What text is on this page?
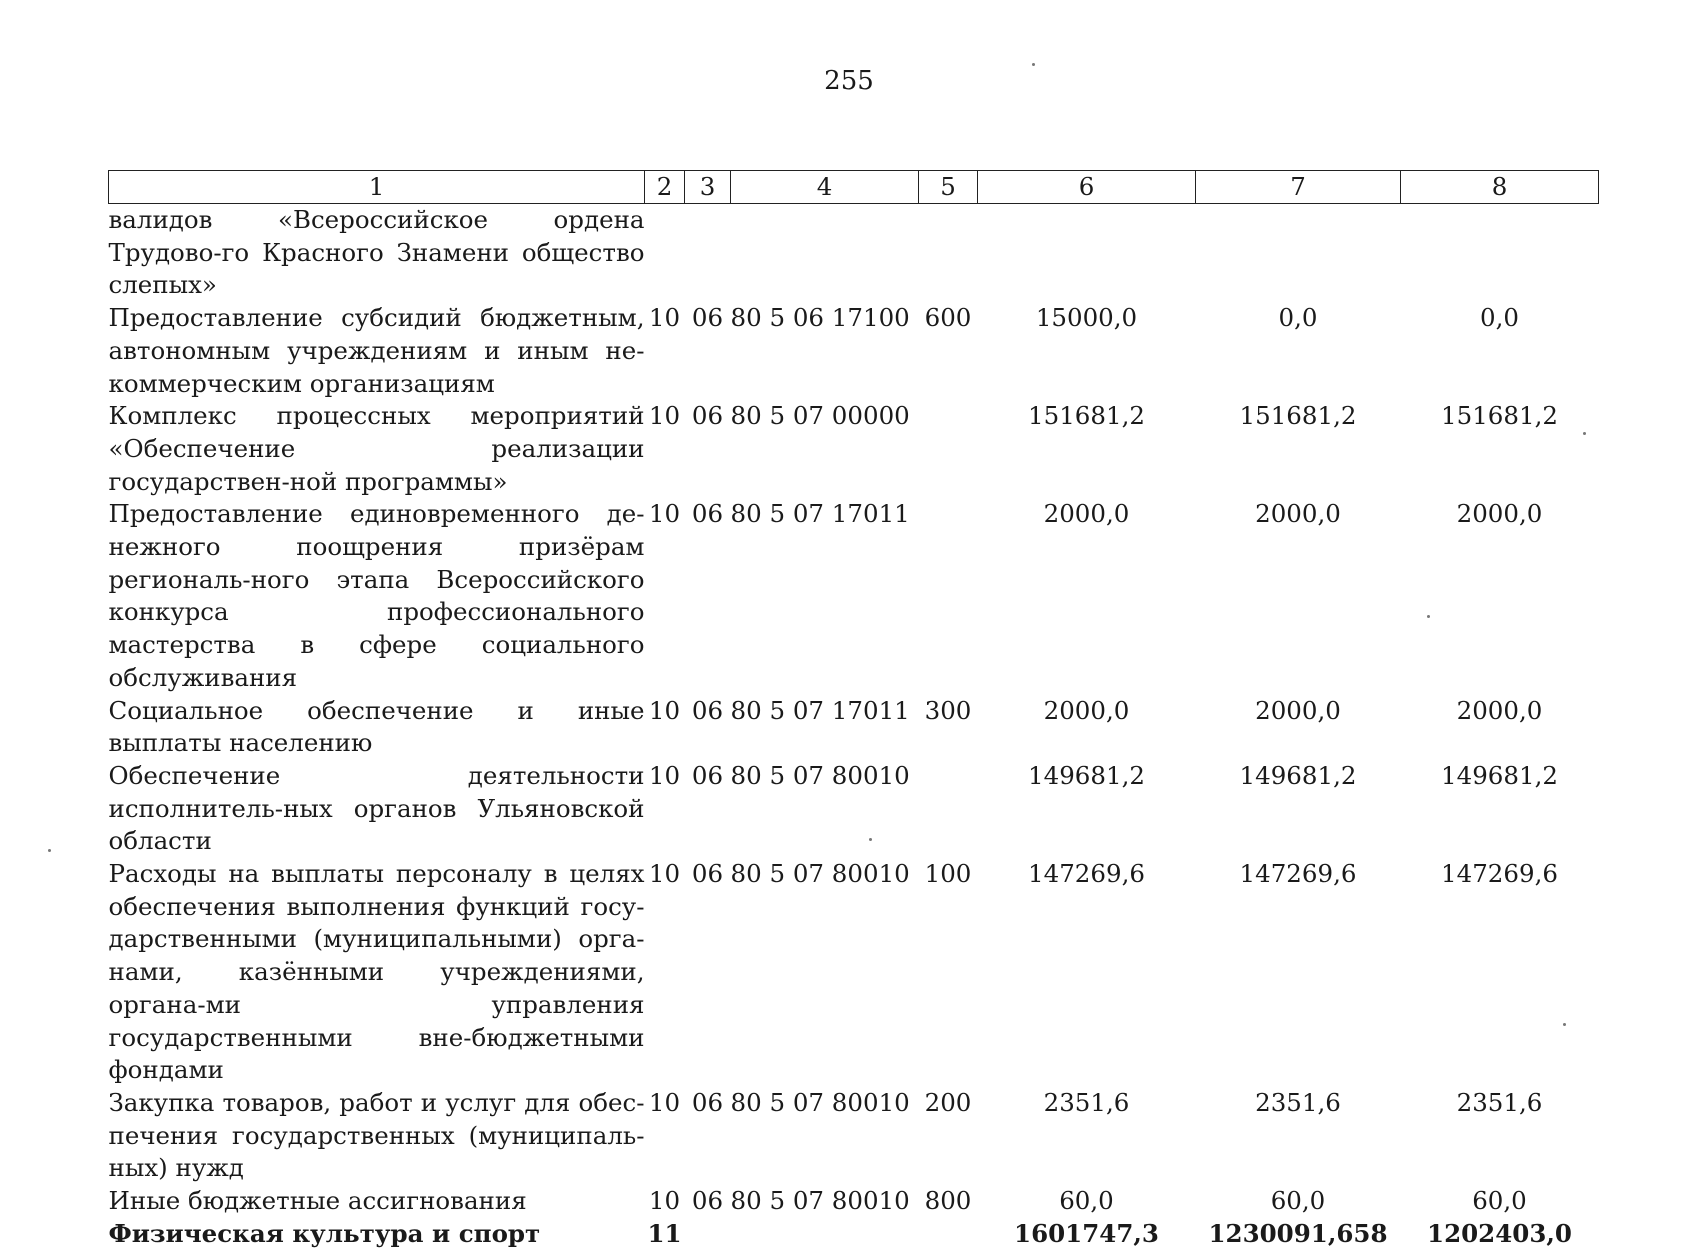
255
1	2	3	4	5	6	7	8
валидов «Всероссийское ордена Трудово-го Красного Знамени общество слепых»							
Предоставление субсидий бюджетным, автономным учреждениям и иным не-коммерческим организациям	10	06	80 5 06 17100	600	15000,0	0,0	0,0
Комплекс процессных мероприятий «Обеспечение реализации государствен-ной программы»	10	06	80 5 07 00000		151681,2	151681,2	151681,2
Предоставление единовременного де-нежного поощрения призёрам региональ-ного этапа Всероссийского конкурса профессионального мастерства в сфере социального обслуживания	10	06	80 5 07 17011		2000,0	2000,0	2000,0
Социальное обеспечение и иные выплаты населению	10	06	80 5 07 17011	300	2000,0	2000,0	2000,0
Обеспечение деятельности исполнитель-ных органов Ульяновской области	10	06	80 5 07 80010		149681,2	149681,2	149681,2
Расходы на выплаты персоналу в целях обеспечения выполнения функций госу-дарственными (муниципальными) орга-нами, казёнными учреждениями, органа-ми управления государственными вне-бюджетными фондами	10	06	80 5 07 80010	100	147269,6	147269,6	147269,6
Закупка товаров, работ и услуг для обес-печения государственных (муниципаль-ных) нужд	10	06	80 5 07 80010	200	2351,6	2351,6	2351,6
Иные бюджетные ассигнования	10	06	80 5 07 80010	800	60,0	60,0	60,0
Физическая культура и спорт	11				1601747,3	1230091,658	1202403,0
